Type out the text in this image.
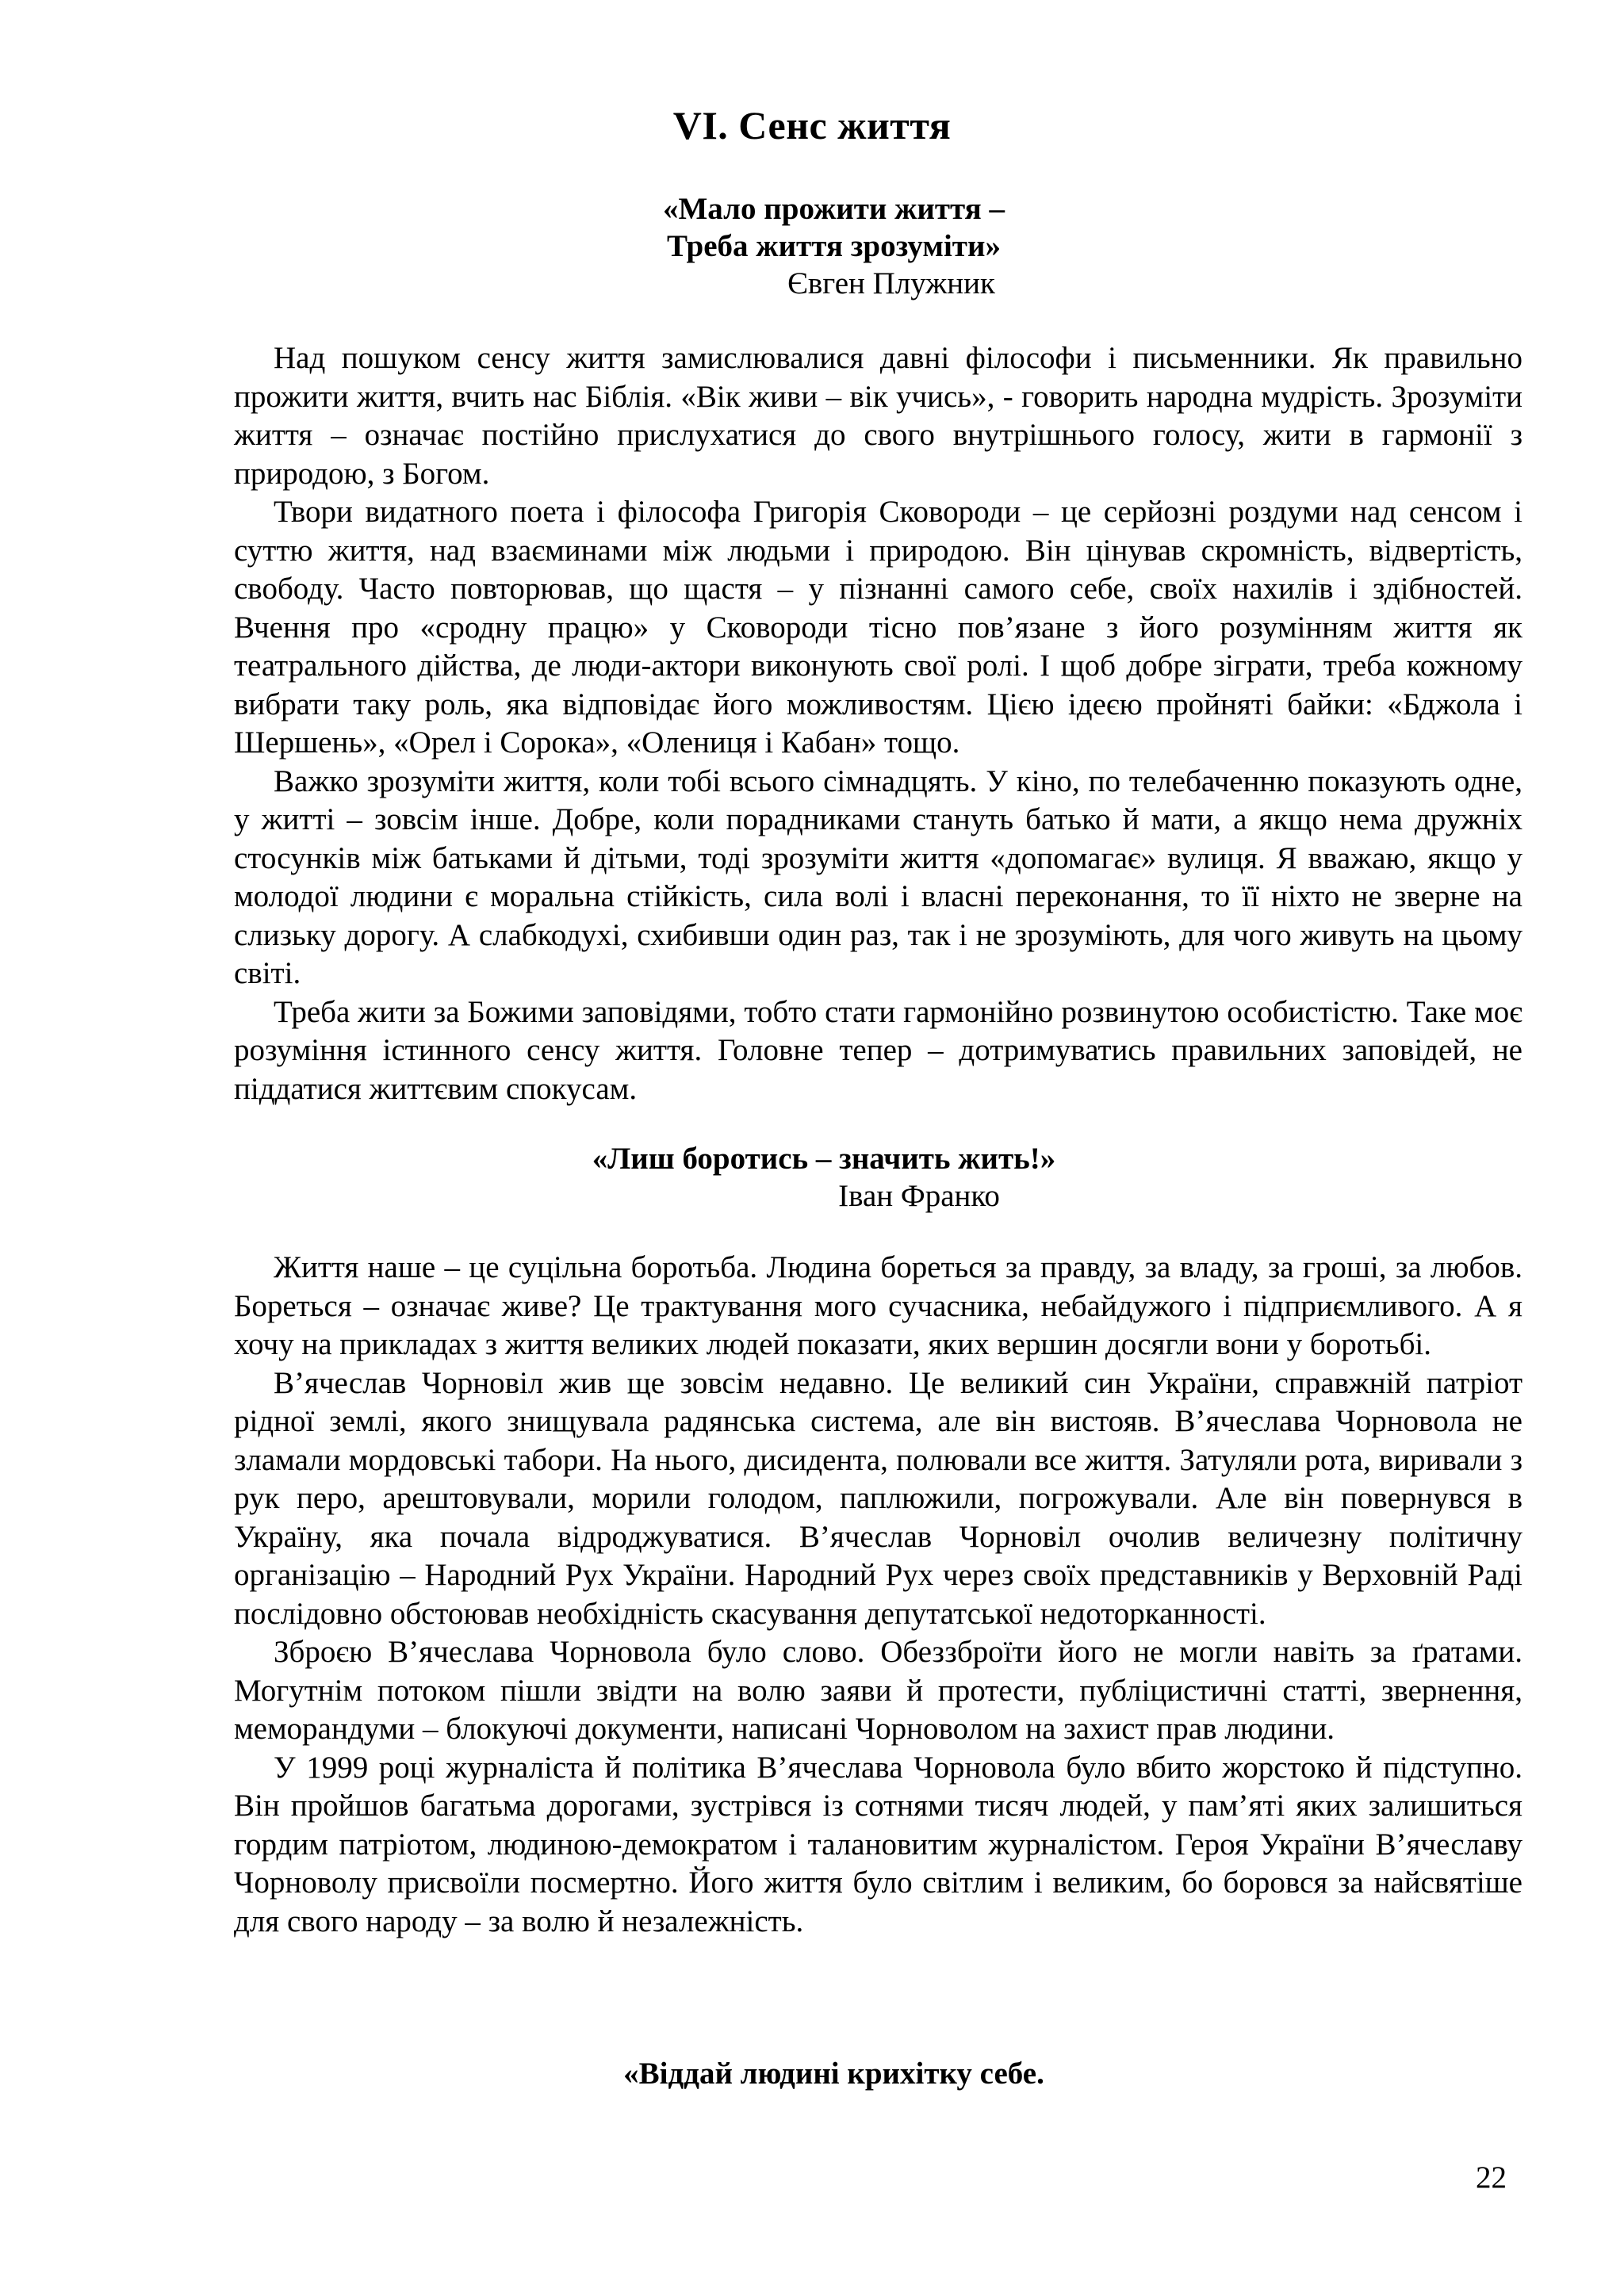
VI. Сенс життя
«Мало прожити життя –
Треба життя зрозуміти»
Євген Плужник

Над пошуком сенсу життя замислювалися давні філософи і письменники. Як правильно прожити життя, вчить нас Біблія. «Вік живи – вік учись», - говорить народна мудрість. Зрозуміти життя – означає постійно прислухатися до свого внутрішнього голосу, жити в гармонії з природою, з Богом.

Твори видатного поета і філософа Григорія Сковороди – це серйозні роздуми над сенсом і суттю життя, над взаєминами між людьми і природою. Він цінував скромність, відвертість, свободу. Часто повторював, що щастя – у пізнанні самого себе, своїх нахилів і здібностей. Вчення про «сродну працю» у Сковороди тісно пов’язане з його розумінням життя як театрального дійства, де люди-актори виконують свої ролі. І щоб добре зіграти, треба кожному вибрати таку роль, яка відповідає його можливостям. Цією ідеєю пройняті байки: «Бджола і Шершень», «Орел і Сорока», «Олениця і Кабан» тощо.

Важко зрозуміти життя, коли тобі всього сімнадцять. У кіно, по телебаченню показують одне, у житті – зовсім інше. Добре, коли порадниками стануть батько й мати, а якщо нема дружніх стосунків між батьками й дітьми, тоді зрозуміти життя «допомагає» вулиця. Я вважаю, якщо у молодої людини є моральна стійкість, сила волі і власні переконання, то її ніхто не зверне на слизьку дорогу. А слабкодухі, схибивши один раз, так і не зрозуміють, для чого живуть на цьому світі.

Треба жити за Божими заповідями, тобто стати гармонійно розвинутою особистістю. Таке моє розуміння істинного сенсу життя. Головне тепер – дотримуватись правильних заповідей, не піддатися життєвим спокусам.

«Лиш боротись – значить жить!»
Іван Франко

Життя наше – це суцільна боротьба. Людина бореться за правду, за владу, за гроші, за любов. Бореться – означає живе? Це трактування мого сучасника, небайдужого і підприємливого. А я хочу на прикладах з життя великих людей показати, яких вершин досягли вони у боротьбі.

В’ячеслав Чорновіл жив ще зовсім недавно. Це великий син України, справжній патріот рідної землі, якого знищувала радянська система, але він вистояв. В’ячеслава Чорновола не зламали мордовські табори. На нього, дисидента, полювали все життя. Затуляли рота, виривали з рук перо, арештовували, морили голодом, паплюжили, погрожували. Але він повернувся в Україну, яка почала відроджуватися. В’ячеслав Чорновіл очолив величезну політичну організацію – Народний Рух України. Народний Рух через своїх представників у Верховній Раді послідовно обстоював необхідність скасування депутатської недоторканності.

Зброєю В’ячеслава Чорновола було слово. Обеззброїти його не могли навіть за ґратами. Могутнім потоком пішли звідти на волю заяви й протести, публіцистичні статті, звернення, меморандуми – блокуючі документи, написані Чорноволом на захист прав людини.

У 1999 році журналіста й політика В’ячеслава Чорновола було вбито жорстоко й підступно. Він пройшов багатьма дорогами, зустрівся із сотнями тисяч людей, у пам’яті яких залишиться гордим патріотом, людиною-демократом і талановитим журналістом. Героя України В’ячеславу Чорноволу присвоїли посмертно. Його життя було світлим і великим, бо боровся за найсвятіше для свого народу – за волю й незалежність.

«Віддай людині крихітку себе.
22
